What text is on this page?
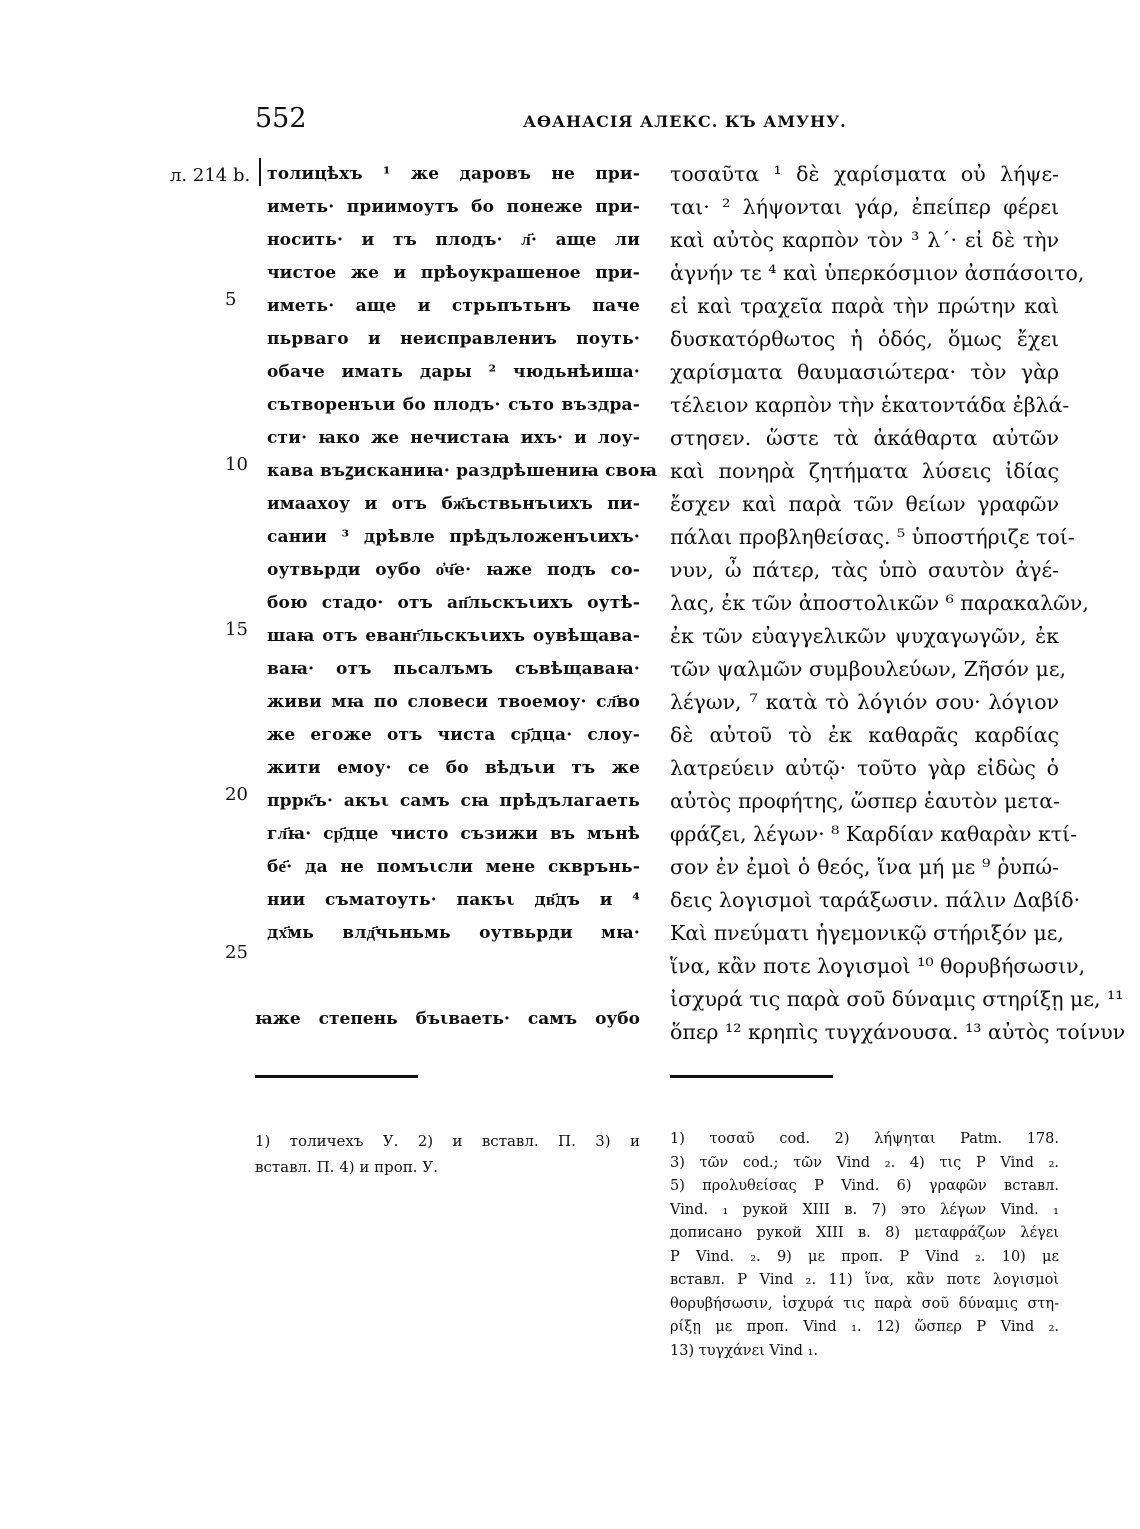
552	АѲАНАСІЯ АЛЕКС. КЪ АМУНУ.
л. 214 b.
5
10
15
20
25
толицѣхъ ¹ же даровъ не при-
иметь· приимоутъ бо понеже при-
носить· и тъ плодъ· л҃· аще ли
чистое же и прѣоукрашеное при-
иметь· аще и стрьпътьнъ паче
пьрваго и неисправлениъ поуть·
обаче имать дары ² чюдьнѣиша·
сътворенъιи бо плодъ· съто въздра-
сти· ꙗко же нечистаꙗ ихъ· и лоу-
кава въꙁисканиꙗ· раздрѣшениꙗ своꙗ
имаахоу и отъ бж҃ьствьнъιихъ пи-
сании ³ дрѣвле прѣдъложенъιихъ·
оутвьрди оубо о҆ч҃е· ꙗже подъ со-
бою стадо· отъ ап҃льскъιихъ оутѣ-
шаꙗ отъ еванг҃льскъιихъ оувѣщава-
ваꙗ· отъ пьсалъмъ съвѣщаваꙗ·
живи мꙗ по словеси твоемоу· сл҃во
же егоже отъ чиста ср҃дца· слоу-
жити емоу· се бо вѣдъιи тъ же
пррк҃ъ· акъι самъ сꙗ прѣдълагаеть
гл҃ꙗ· ср҃дце чисто съзижи въ мънѣ
бе҃· да не помъιсли мене скврънь-
нии съматоуть· пакъι дв҃дъ и ⁴
дх҃мь влд҃чьньмь оутвьрди мꙗ·
ꙗже степень бъιваеть· самъ оубо
τοσαῦτα ¹ δὲ χαρίσματα οὐ λήψε-
ται· ² λήψονται γάρ, ἐπείπερ φέρει
καὶ αὐτὸς καρπὸν τὸν ³ λ΄· εἰ δὲ τὴν
ἁγνήν τε ⁴ καὶ ὑπερκόσμιον ἀσπάσοιτο,
εἰ καὶ τραχεῖα παρὰ τὴν πρώτην καὶ
δυσκατόρθωτος ἡ ὁδός, ὅμως ἔχει
χαρίσματα θαυμασιώτερα· τὸν γὰρ
τέλειον καρπὸν τὴν ἑκατοντάδα ἐβλά-
στησεν. ὥστε τὰ ἀκάθαρτα αὐτῶν
καὶ πονηρὰ ζητήματα λύσεις ἰδίας
ἔσχεν καὶ παρὰ τῶν θείων γραφῶν
πάλαι προβληθείσας. ⁵ ὑποστήριζε τοί-
νυν, ὦ πάτερ, τὰς ὑπὸ σαυτὸν ἀγέ-
λας, ἐκ τῶν ἀποστολικῶν ⁶ παρακαλῶν,
ἐκ τῶν εὐαγγελικῶν ψυχαγωγῶν, ἐκ
τῶν ψαλμῶν συμβουλεύων, Ζῆσόν με,
λέγων, ⁷ κατὰ τὸ λόγιόν σου· λόγιον
δὲ αὐτοῦ τὸ ἐκ καθαρᾶς καρδίας
λατρεύειν αὐτῷ· τοῦτο γὰρ εἰδὼς ὁ
αὐτὸς προφήτης, ὥσπερ ἑαυτὸν μετα-
φράζει, λέγων· ⁸ Καρδίαν καθαρὰν κτί-
σον ἐν ἐμοὶ ὁ θεός, ἵνα μή με ⁹ ῥυπώ-
δεις λογισμοὶ ταράξωσιν. πάλιν Δαβίδ·
Καὶ πνεύματι ἡγεμονικῷ στήριξόν με,
ἵνα, κἂν ποτε λογισμοὶ ¹⁰ θορυβήσωσιν,
ἰσχυρά τις παρὰ σοῦ δύναμις στηρίξῃ με, ¹¹
ὅπερ ¹² κρηπὶς τυγχάνουσα. ¹³ αὐτὸς τοίνυν
1) толичехъ У. 2) и вставл. П. 3) и
вставл. П. 4) и проп. У.
1) τοσαῦ cod. 2) λήψηται Patm. 178.
3) τῶν cod.; τῶν Vind ₂. 4) τις P Vind ₂.
5) προλυθείσας P Vind. 6) γραφῶν вставл.
Vind. ₁ рукой XIII в. 7) это λέγων Vind. ₁
дописано рукой XIII в. 8) μεταφράζων λέγει
P Vind. ₂. 9) με проп. P Vind ₂. 10) με
вставл. P Vind ₂. 11) ἵνα, κἂν ποτε λογισμοὶ
θορυβήσωσιν, ἰσχυρά τις παρὰ σοῦ δύναμις στη-
ρίξῃ με проп. Vind ₁. 12) ὥσπερ P Vind ₂.
13) τυγχάνει Vind ₁.
